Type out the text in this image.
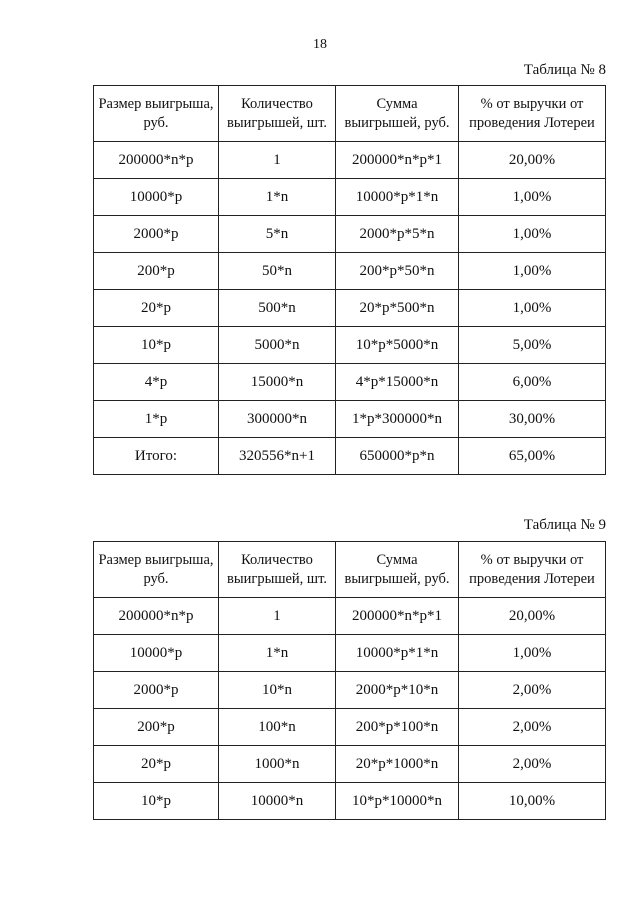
18
Таблица № 8
Размер выигрыша, руб.	Количество выигрышей, шт.	Сумма выигрышей, руб.	% от выручки от проведения Лотереи
200000*n*p	1	200000*n*p*1	20,00%
10000*p	1*n	10000*p*1*n	1,00%
2000*p	5*n	2000*p*5*n	1,00%
200*p	50*n	200*p*50*n	1,00%
20*p	500*n	20*p*500*n	1,00%
10*p	5000*n	10*p*5000*n	5,00%
4*p	15000*n	4*p*15000*n	6,00%
1*p	300000*n	1*p*300000*n	30,00%
Итого:	320556*n+1	650000*p*n	65,00%
Таблица № 9
Размер выигрыша, руб.	Количество выигрышей, шт.	Сумма выигрышей, руб.	% от выручки от проведения Лотереи
200000*n*p	1	200000*n*p*1	20,00%
10000*p	1*n	10000*p*1*n	1,00%
2000*p	10*n	2000*p*10*n	2,00%
200*p	100*n	200*p*100*n	2,00%
20*p	1000*n	20*p*1000*n	2,00%
10*p	10000*n	10*p*10000*n	10,00%
